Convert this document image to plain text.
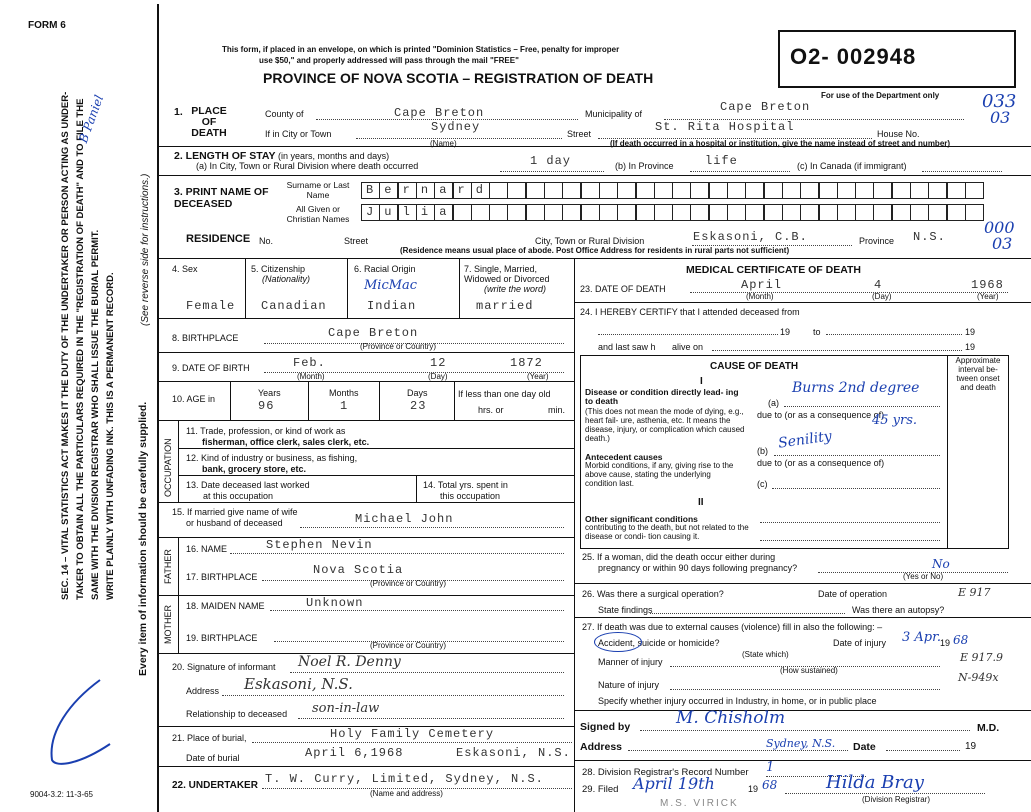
FORM 6
This form, if placed in an envelope, on which is printed "Dominion Statistics – Free, penalty for improper
use $50," and properly addressed will pass through the mail "FREE"
PROVINCE OF NOVA SCOTIA – REGISTRATION OF DEATH
O2- 002948
For use of the Department only 033
03
000
03
SEC. 14 – VITAL STATISTICS ACT MAKES IT THE DUTY OF THE UNDERTAKER OR PERSON ACTING AS UNDER- TAKER TO OBTAIN ALL THE PARTICULARS REQUIRED IN THE "REGISTRATION OF DEATH" AND TO FILE THE SAME WITH THE DIVISION REGISTRAR WHO SHALL ISSUE THE BURIAL PERMIT. WRITE PLAINLY WITH UNFADING INK. THIS IS A PERMANENT RECORD. Every item of information should be carefully supplied.
(See reverse side for instructions.)
B Paniel
9004-3.2: 11-3-65
1. PLACE OF DEATH
County of	Cape Breton	Municipality of	Cape Breton
If in City or Town	Sydney
(Name)
Street	St. Rita Hospital	House No.
(If death occurred in a hospital or institution, give the name instead of street and number)
2. LENGTH OF STAY (in years, months and days)
(a) In City, Town or Rural Division where death occurred	1 day	(b) In Province	life	(c) In Canada (if immigrant)
3. PRINT NAME OF DECEASED
Surname or Last Name
All Given or Christian Names
B e r n a r d
J u l i a
RESIDENCE No.	Street	City, Town or Rural Division	Eskasoni, C.B.	Province N.S.
(Residence means usual place of abode. Post Office Address for residents in rural parts not sufficient)
4. Sex
Female
5. Citizenship
(Nationality)
Canadian
6. Racial Origin
MicMac
Indian
7. Single, Married, Widowed or Divorced
(write the word)
married
8. BIRTHPLACE	Cape Breton
(Province or Country)
9. DATE OF BIRTH	Feb.	12	1872
(Month)	(Day)	(Year)
10. AGE in
Years
96
Months
1
Days
23
If less than one day old
hrs. or	min.
OCCUPATION
11. Trade, profession, or kind of work as
fisherman, office clerk, sales clerk, etc.
12. Kind of industry or business, as fishing,
bank, grocery store, etc.
13. Date deceased last worked
at this occupation
14. Total yrs. spent in
this occupation
15. If married give name of wife
or husband of deceased	Michael John
FATHER
16. NAME	Stephen Nevin
17. BIRTHPLACE	Nova Scotia
(Province or Country)
MOTHER 18. MAIDEN NAME	Unknown
19. BIRTHPLACE
(Province or Country)
20. Signature of informant Noel R. Denny
Address Eskasoni, N.S.
Relationship to deceased son-in-law
21. Place of burial,	Holy Family Cemetery
Date of burial	April 6,1968	Eskasoni, N.S.
22. UNDERTAKER T. W. Curry, Limited, Sydney, N.S.
(Name and address)
MEDICAL CERTIFICATE OF DEATH
23. DATE OF DEATH	April	4	1968
(Month)	(Day)	(Year)
24. I HEREBY CERTIFY that I attended deceased from
19	to	19
and last saw h alive on	19
CAUSE OF DEATH
Approximate interval be- tween onset and death
I
II
Disease or condition directly lead- ing to death
(This does not mean the mode of dying, e.g., heart fail- ure, asthenia, etc. It means the disease, injury, or complication which caused death.)
(a)
Burns 2nd degree
due to (or as a consequence of)
45 yrs.
(b) Senility
due to (or as a consequence of)
(c)
Antecedent causes
Morbid conditions, if any, giving rise to the above cause, stating the underlying condition last.
Other significant conditions
contributing to the death, but not related to the disease or condi- tion causing it.
25. If a woman, did the death occur either during
pregnancy or within 90 days following pregnancy?	No
(Yes or No)
26. Was there a surgical operation?	Date of operation
State findings	Was there an autopsy?
27. If death was due to external causes (violence) fill in also the following: –
Accident, suicide or homicide?
(State which)
Date of injury 3 Apr.
19 68
Manner of injury
(How sustained)
Nature of injury
Specify whether injury occurred in Industry, in home, or in public place
E 917
E 917.9
N-949x
Signed by	M.D.
M. Chisholm
Address	Sydney, N.S. Date	19
28. Division Registrar's Record Number 1
29. Filed April 19th	19 68	Hilda Bray
(Division Registrar)
M.S. VIRICK
